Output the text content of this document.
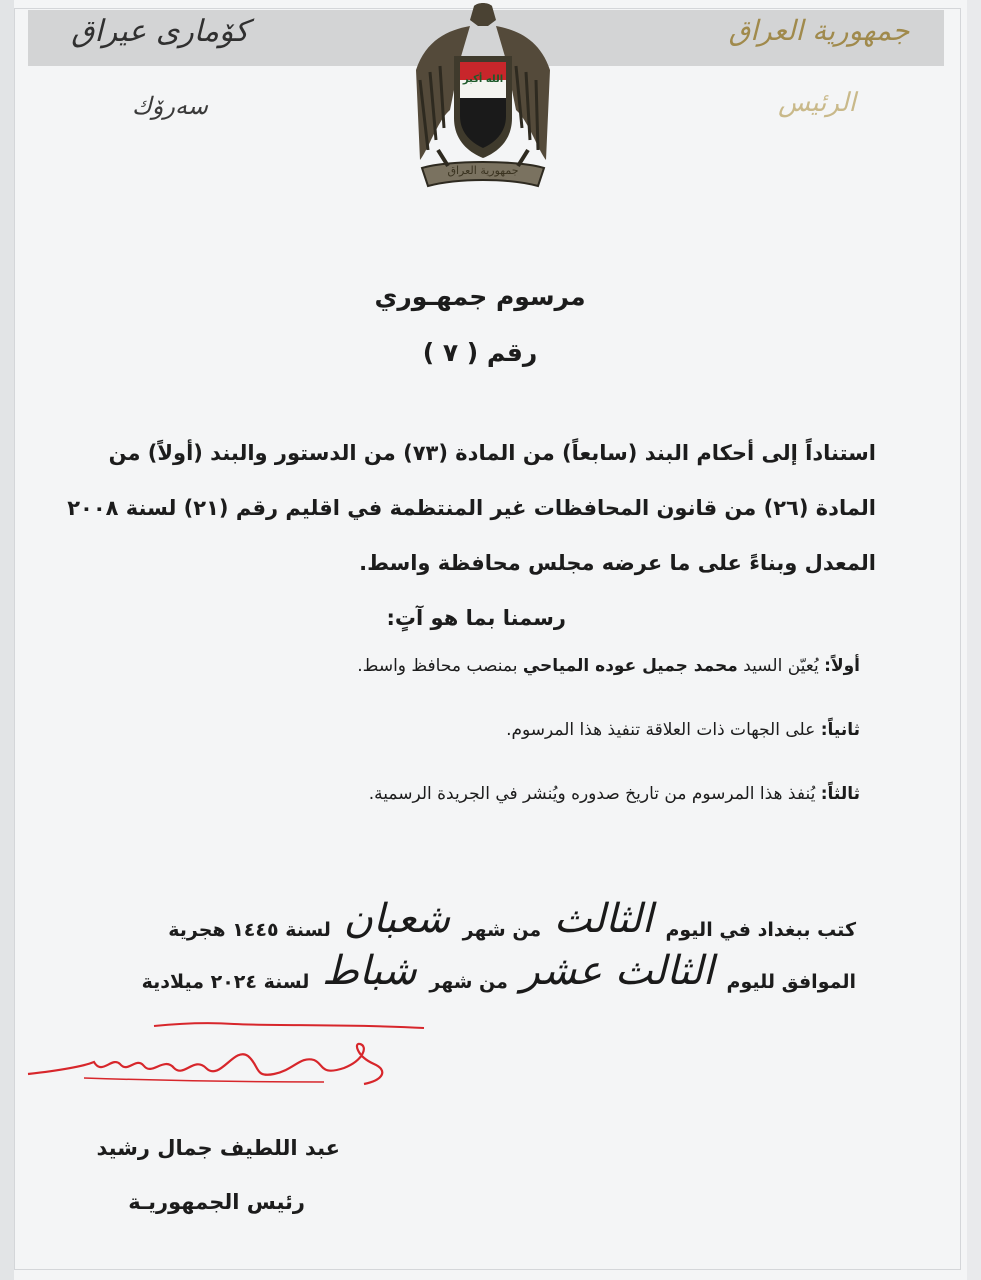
كۆماری عیراق
سەرۆك
جمهورية العراق
الرئيس
الله أكبر
جمهورية العراق
مرسوم جمهـوري
رقم ( ٧ )
استناداً إلى أحكام البند (سابعاً) من المادة (٧٣) من الدستور والبند (أولاً) من
المادة (٢٦) من قانون المحافظات غير المنتظمة في اقليم رقم (٢١) لسنة ٢٠٠٨
المعدل وبناءً على ما عرضه مجلس محافظة واسط.
رسمنا بما هو آتٍ:
أولاً: يُعيّن السيد محمد جميل عوده المياحي بمنصب محافظ واسط.
ثانياً: على الجهات ذات العلاقة تنفيذ هذا المرسوم.
ثالثاً: يُنفذ هذا المرسوم من تاريخ صدوره ويُنشر في الجريدة الرسمية.
كتب ببغداد في اليوم الثالث من شهر شعبان لسنة ١٤٤٥ هجرية
الموافق لليوم الثالث عشر من شهر شباط لسنة ٢٠٢٤ ميلادية
عبد اللطيف جمال رشيد
رئيس الجمهوريـة
